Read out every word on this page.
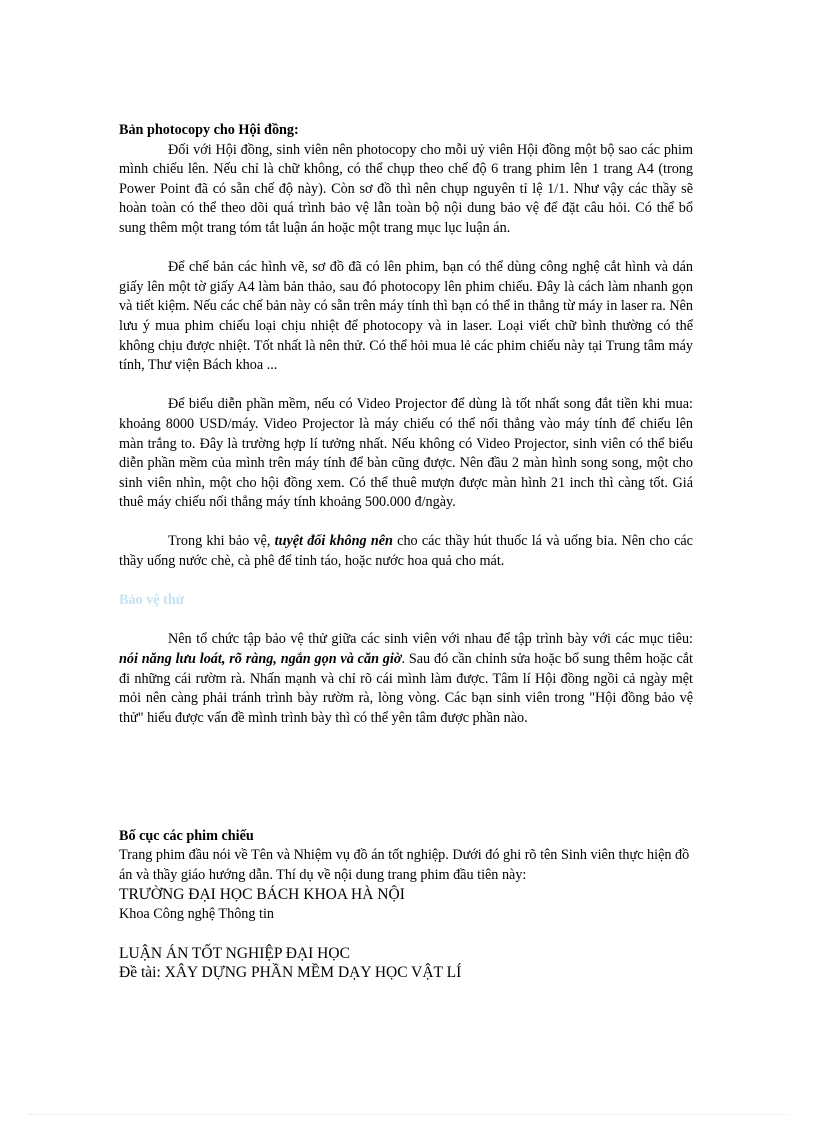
Bản photocopy cho Hội đồng:

Đối với Hội đồng, sinh viên nên photocopy cho mỗi uỷ viên Hội đồng một bộ sao các phim mình chiếu lên. Nếu chỉ là chữ không, có thể chụp theo chế độ 6 trang phim lên 1 trang A4 (trong Power Point đã có sẵn chế độ này). Còn sơ đồ thì nên chụp nguyên tỉ lệ 1/1. Như vậy các thầy sẽ hoàn toàn có thể theo dõi quá trình bảo vệ lẫn toàn bộ nội dung bảo vệ để đặt câu hỏi. Có thể bổ sung thêm một trang tóm tắt luận án hoặc một trang mục lục luận án.

Để chế bản các hình vẽ, sơ đồ đã có lên phim, bạn có thể dùng công nghệ cắt hình và dán giấy lên một tờ giấy A4 làm bản thảo, sau đó photocopy lên phim chiếu. Đây là cách làm nhanh gọn và tiết kiệm. Nếu các chế bản này có sẵn trên máy tính thì bạn có thể in thẳng từ máy in laser ra. Nên lưu ý mua phim chiếu loại chịu nhiệt để photocopy và in laser. Loại viết chữ bình thường có thể không chịu được nhiệt. Tốt nhất là nên thử. Có thể hỏi mua lẻ các phim chiếu này tại Trung tâm máy tính, Thư viện Bách khoa ...

Để biểu diễn phần mềm, nếu có Video Projector để dùng là tốt nhất song đắt tiền khi mua: khoảng 8000 USD/máy. Video Projector là máy chiếu có thể nối thẳng vào máy tính để chiếu lên màn trắng to. Đây là trường hợp lí tưởng nhất. Nếu không có Video Projector, sinh viên có thể biểu diễn phần mềm của mình trên máy tính để bàn cũng được. Nên đầu 2 màn hình song song, một cho sinh viên nhìn, một cho hội đồng xem. Có thể thuê mượn được màn hình 21 inch thì càng tốt. Giá thuê máy chiếu nối thẳng máy tính khoảng 500.000 đ/ngày.

Trong khi bảo vệ, tuyệt đối không nên cho các thầy hút thuốc lá và uống bia. Nên cho các thầy uống nước chè, cà phê để tỉnh táo, hoặc nước hoa quả cho mát.

Bảo vệ thử

Nên tổ chức tập bảo vệ thử giữa các sinh viên với nhau để tập trình bày với các mục tiêu: nói năng lưu loát, rõ ràng, ngắn gọn và căn giờ. Sau đó cần chỉnh sửa hoặc bổ sung thêm hoặc cắt đi những cái rườm rà. Nhấn mạnh và chỉ rõ cái mình làm được. Tâm lí Hội đồng ngồi cả ngày mệt mỏi nên càng phải tránh trình bày rườm rà, lòng vòng. Các bạn sinh viên trong "Hội đồng bảo vệ thử" hiểu được vấn đề mình trình bày thì có thể yên tâm được phần nào.

Bố cục các phim chiếu

Trang phim đầu nói về Tên và Nhiệm vụ đồ án tốt nghiệp. Dưới đó ghi rõ tên Sinh viên thực hiện đồ án và thầy giáo hướng dẫn. Thí dụ về nội dung trang phim đầu tiên này:

TRƯỜNG ĐẠI HỌC BÁCH KHOA HÀ NỘI

Khoa Công nghệ Thông tin

LUẬN ÁN TỐT NGHIỆP ĐẠI HỌC

Đề tài: XÂY DỰNG PHẦN MỀM DẠY HỌC VẬT LÍ
